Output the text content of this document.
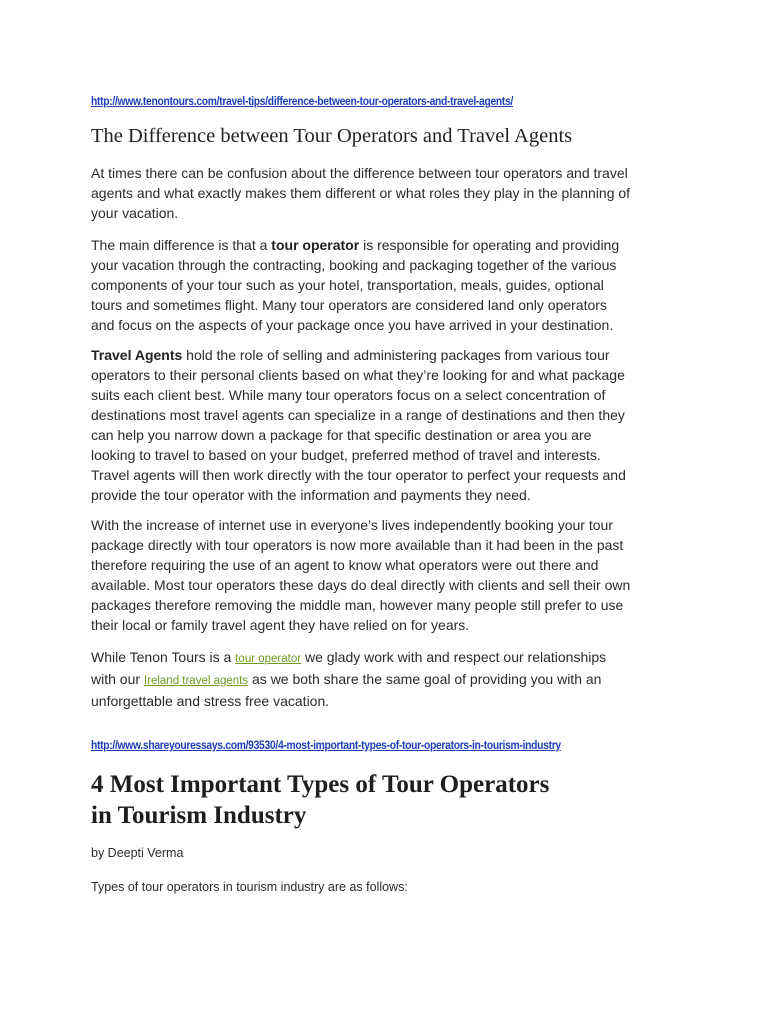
http://www.tenontours.com/travel-tips/difference-between-tour-operators-and-travel-agents/
The Difference between Tour Operators and Travel Agents
At times there can be confusion about the difference between tour operators and travel
agents and what exactly makes them different or what roles they play in the planning of
your vacation.
The main difference is that a tour operator is responsible for operating and providing
your vacation through the contracting, booking and packaging together of the various
components of your tour such as your hotel, transportation, meals, guides, optional
tours and sometimes flight. Many tour operators are considered land only operators
and focus on the aspects of your package once you have arrived in your destination.
Travel Agents hold the role of selling and administering packages from various tour
operators to their personal clients based on what they’re looking for and what package
suits each client best. While many tour operators focus on a select concentration of
destinations most travel agents can specialize in a range of destinations and then they
can help you narrow down a package for that specific destination or area you are
looking to travel to based on your budget, preferred method of travel and interests.
Travel agents will then work directly with the tour operator to perfect your requests and
provide the tour operator with the information and payments they need.
With the increase of internet use in everyone’s lives independently booking your tour
package directly with tour operators is now more available than it had been in the past
therefore requiring the use of an agent to know what operators were out there and
available. Most tour operators these days do deal directly with clients and sell their own
packages therefore removing the middle man, however many people still prefer to use
their local or family travel agent they have relied on for years.
While Tenon Tours is a tour operator we glady work with and respect our relationships
with our Ireland travel agents as we both share the same goal of providing you with an
unforgettable and stress free vacation.
http://www.shareyouressays.com/93530/4-most-important-types-of-tour-operators-in-tourism-industry
4 Most Important Types of Tour Operators
in Tourism Industry
by Deepti Verma
Types of tour operators in tourism industry are as follows:
